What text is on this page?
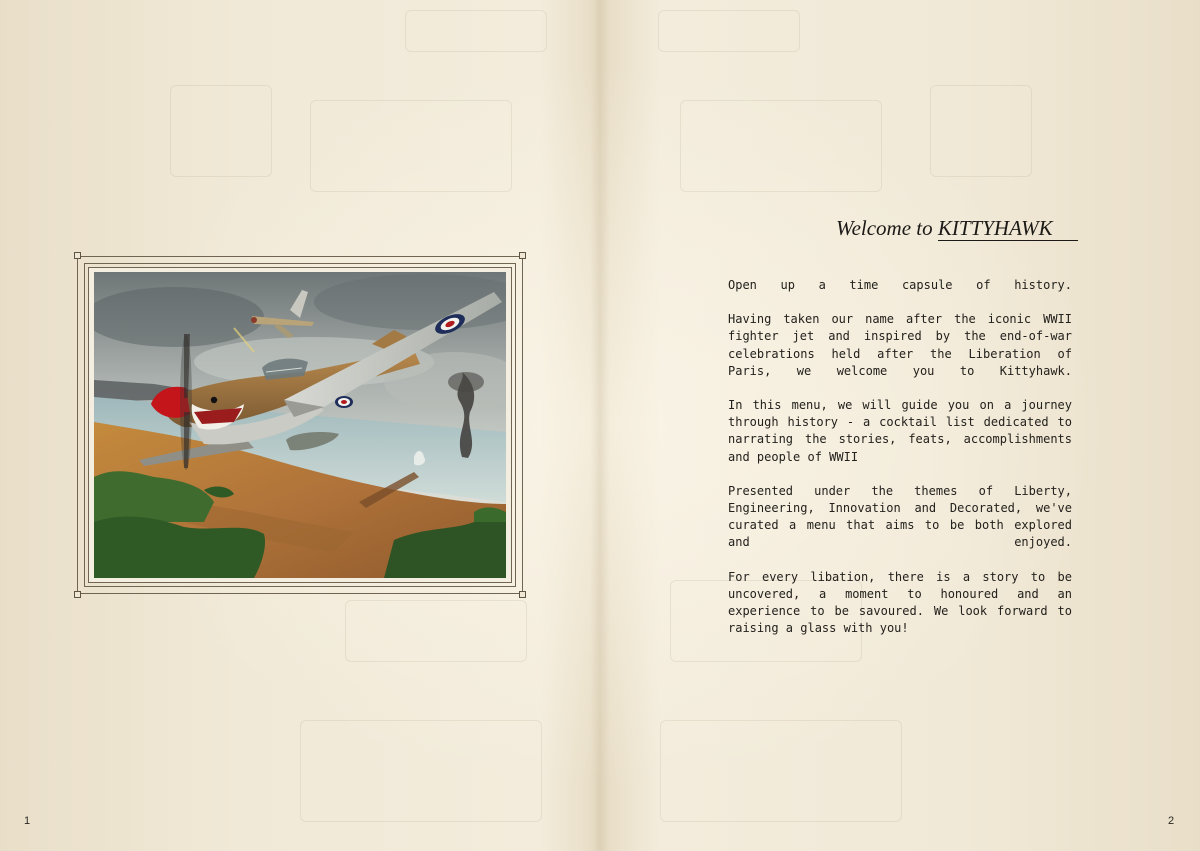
1	2
Welcome to KITTYHAWK

Open up a time capsule of history.

Having taken our name after the iconic WWII fighter jet and inspired by the end-of-war celebrations held after the Liberation of Paris, we welcome you to Kittyhawk.

In this menu, we will guide you on a journey through history - a cocktail list dedicated to narrating the stories, feats, accomplishments and people of WWII

Presented under the themes of Liberty, Engineering, Innovation and Decorated, we've curated a menu that aims to be both explored and enjoyed.

For every libation, there is a story to be uncovered, a moment to honoured and an experience to be savoured. We look forward to raising a glass with you!
